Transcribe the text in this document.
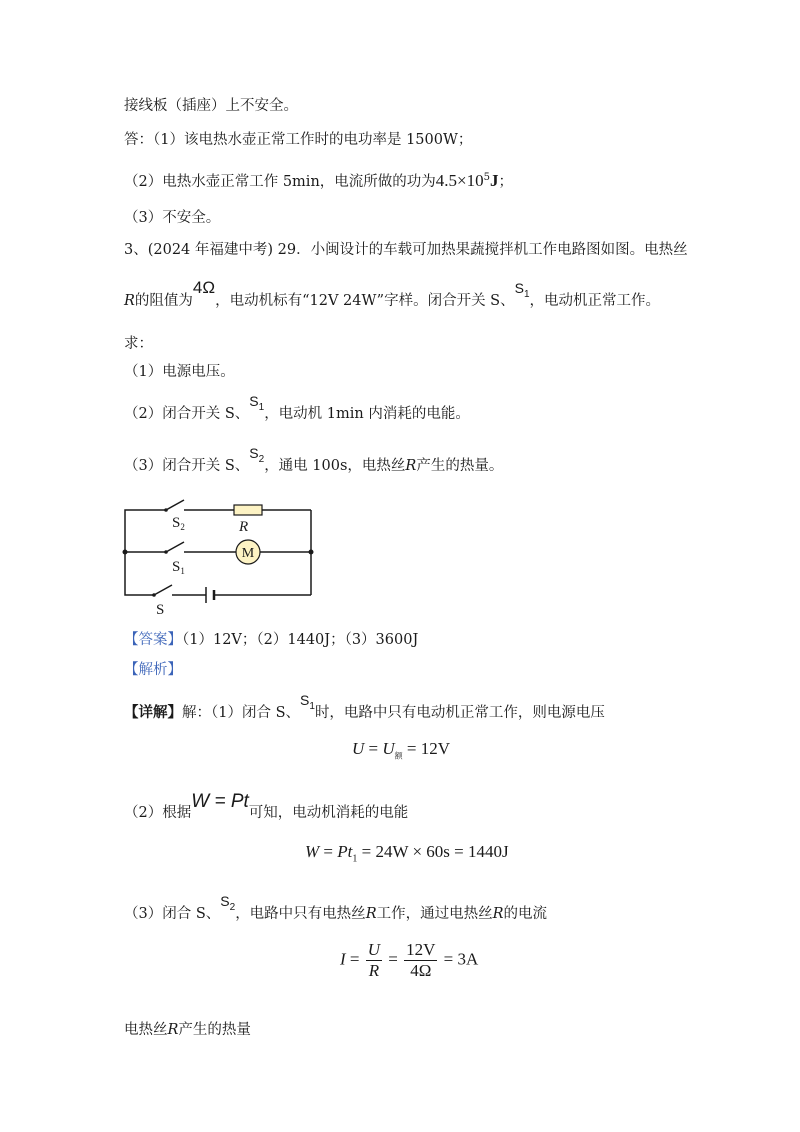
接线板（插座）上不安全。
答：（1）该电热水壶正常工作时的电功率是 1500W；
（2）电热水壶正常工作 5min，电流所做的功为$4.5\times 10^5J$；
（3）不安全。
3、(2024 年福建中考) 29．小闽设计的车载可加热果蔬搅拌机工作电路图如图。电热丝
R的阻值为4Ω，电动机标有“12V 24W”字样。闭合开关 S、$S_1$，电动机正常工作。
求：
（1）电源电压。
（2）闭合开关 S、$S_1$，电动机 1min 内消耗的电能。
（3）闭合开关 S、$S_2$，通电 100s，电热丝R产生的热量。
M
R
$S_2$
$S_1$
S
【答案】（1）12V；（2）1440J；（3）3600J
【解析】
【详解】解：（1）闭合 S、$S_1$时，电路中只有电动机正常工作，则电源电压
$U = U_额 = 12V$
（2）根据W = Pt可知，电动机消耗的电能
$W = Pt_1 = 24W \times 60s = 1440J$
（3）闭合 S、$S_2$，电路中只有电热丝R工作，通过电热丝R的电流
$I = \frac{U}{R} = \frac{12V}{4\Omega} = 3A$
电热丝R产生的热量
